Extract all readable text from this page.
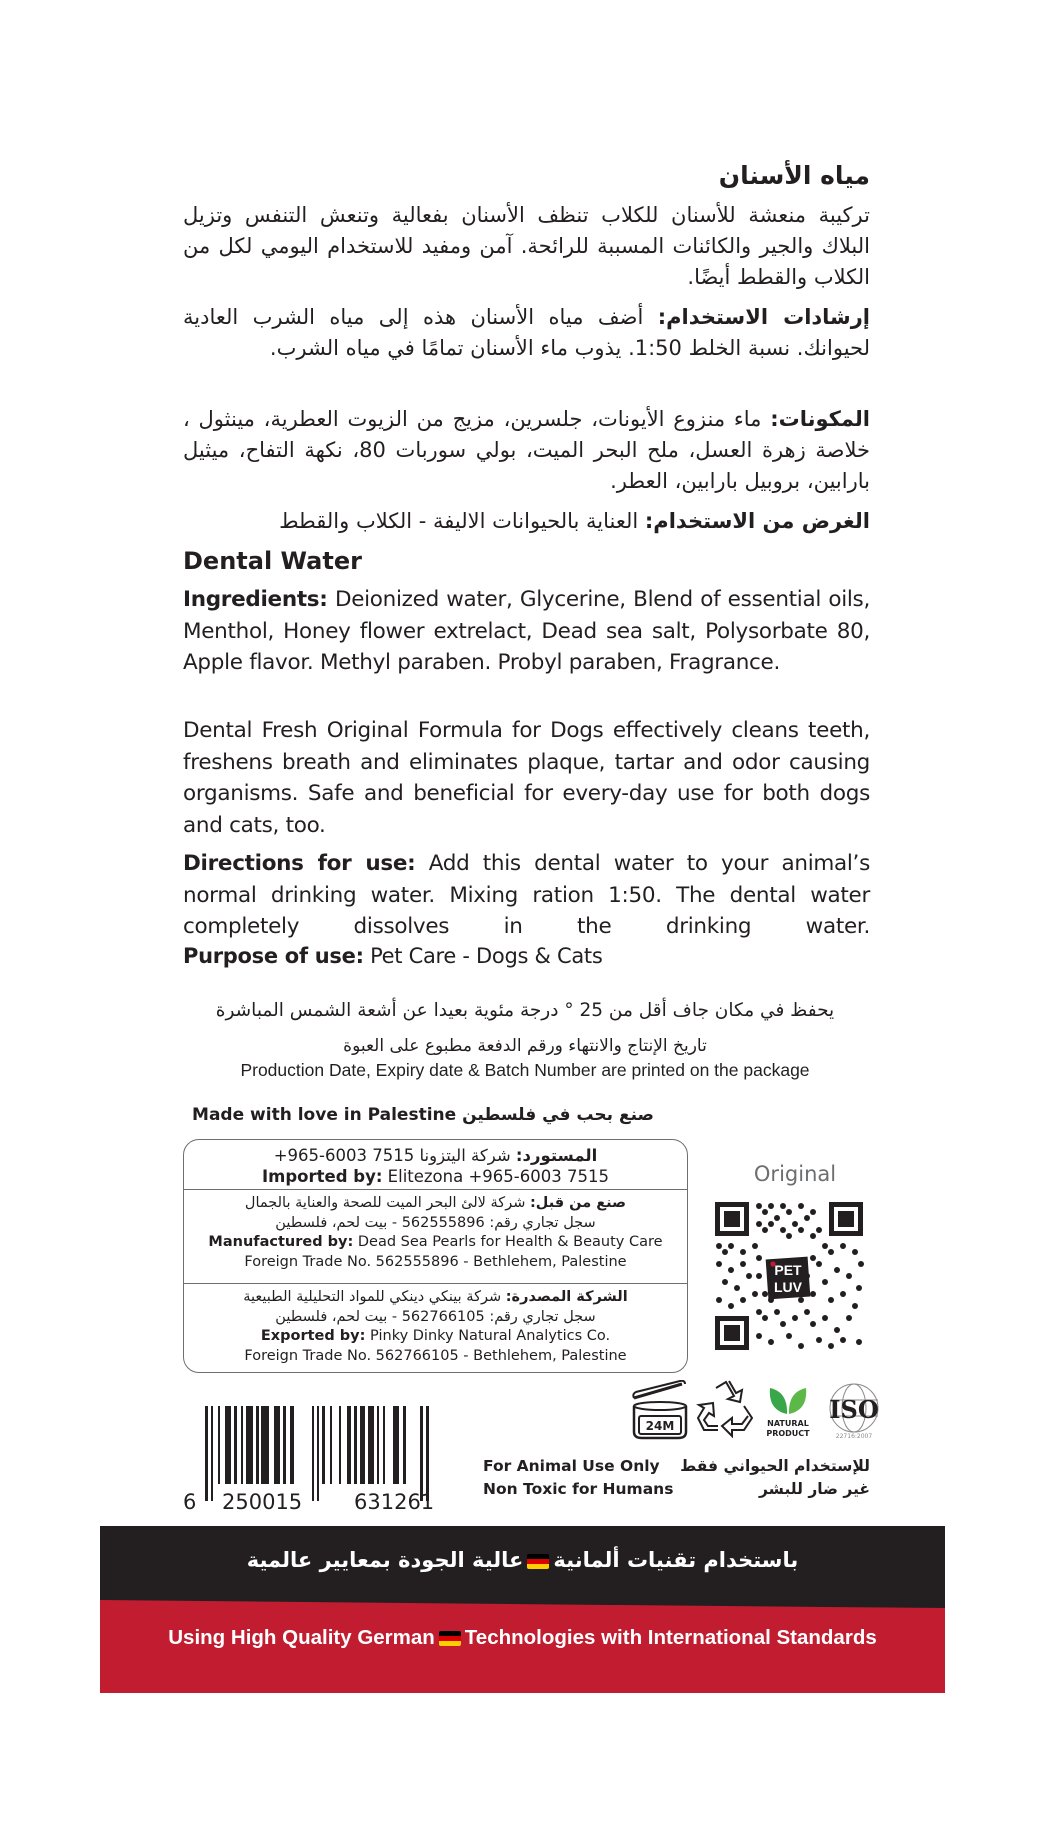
مياه الأسنان

تركيبة منعشة للأسنان للكلاب تنظف الأسنان بفعالية وتنعش التنفس وتزيل البلاك والجير والكائنات المسببة للرائحة. آمن ومفيد للاستخدام اليومي لكل من الكلاب والقطط أيضًا.

إرشادات الاستخدام: أضف مياه الأسنان هذه إلى مياه الشرب العادية لحيوانك. نسبة الخلط 1:50. يذوب ماء الأسنان تمامًا في مياه الشرب.

المكونات: ماء منزوع الأيونات، جلسرين، مزيج من الزيوت العطرية، مينثول ، خلاصة زهرة العسل، ملح البحر الميت، بولي سوربات 80، نكهة التفاح، ميثيل بارابين، بروبيل بارابين، العطر.

الغرض من الاستخدام: العناية بالحيوانات الاليفة - الكلاب والقطط

Dental Water

Ingredients: Deionized water, Glycerine, Blend of essential oils, Menthol, Honey flower extrelact, Dead sea salt, Polysorbate 80, Apple flavor. Methyl paraben. Probyl paraben, Fragrance.

Dental Fresh Original Formula for Dogs effectively cleans teeth, freshens breath and eliminates plaque, tartar and odor causing organisms. Safe and beneficial for every-day use for both dogs and cats, too.

Directions for use: Add this dental water to your animal’s normal drinking water. Mixing ration 1:50. The dental water completely dissolves in the drinking water.

Purpose of use: Pet Care - Dogs & Cats

يحفظ في مكان جاف أقل من 25 ° درجة مئوية بعيدا عن أشعة الشمس المباشرة
تاريخ الإنتاج والانتهاء ورقم الدفعة مطبوع على العبوة
Production Date, Expiry date & Batch Number are printed on the package
Made with love in Palestine صنع بحب في فلسطين
المستورد: شركة اليتزونا 7515 6003-965+
Imported by: Elitezona +965-6003 7515
صنع من قبل: شركة لالئ البحر الميت للصحة والعناية بالجمال
سجل تجاري رقم: 562555896 - بيت لحم، فلسطين
Manufactured by: Dead Sea Pearls for Health & Beauty Care
Foreign Trade No. 562555896 - Bethlehem, Palestine
الشركة المصدرة: شركة بينكي دينكي للمواد التحليلية الطبيعية
سجل تجاري رقم: 562766105 - بيت لحم، فلسطين
Exported by: Pinky Dinky Natural Analytics Co.
Foreign Trade No. 562766105 - Bethlehem, Palestine
Original
PET
LUV
24M	NATURAL
PRODUCT
ISO
22716:2007
6 250015 631261
For Animal Use Only
Non Toxic for Humans
للإستخدام الحيواني فقط
غير ضار للبشر
باستخدام تقنيات ألمانيةعالية الجودة بمعايير عالمية
Using High Quality German Technologies with International Standards
